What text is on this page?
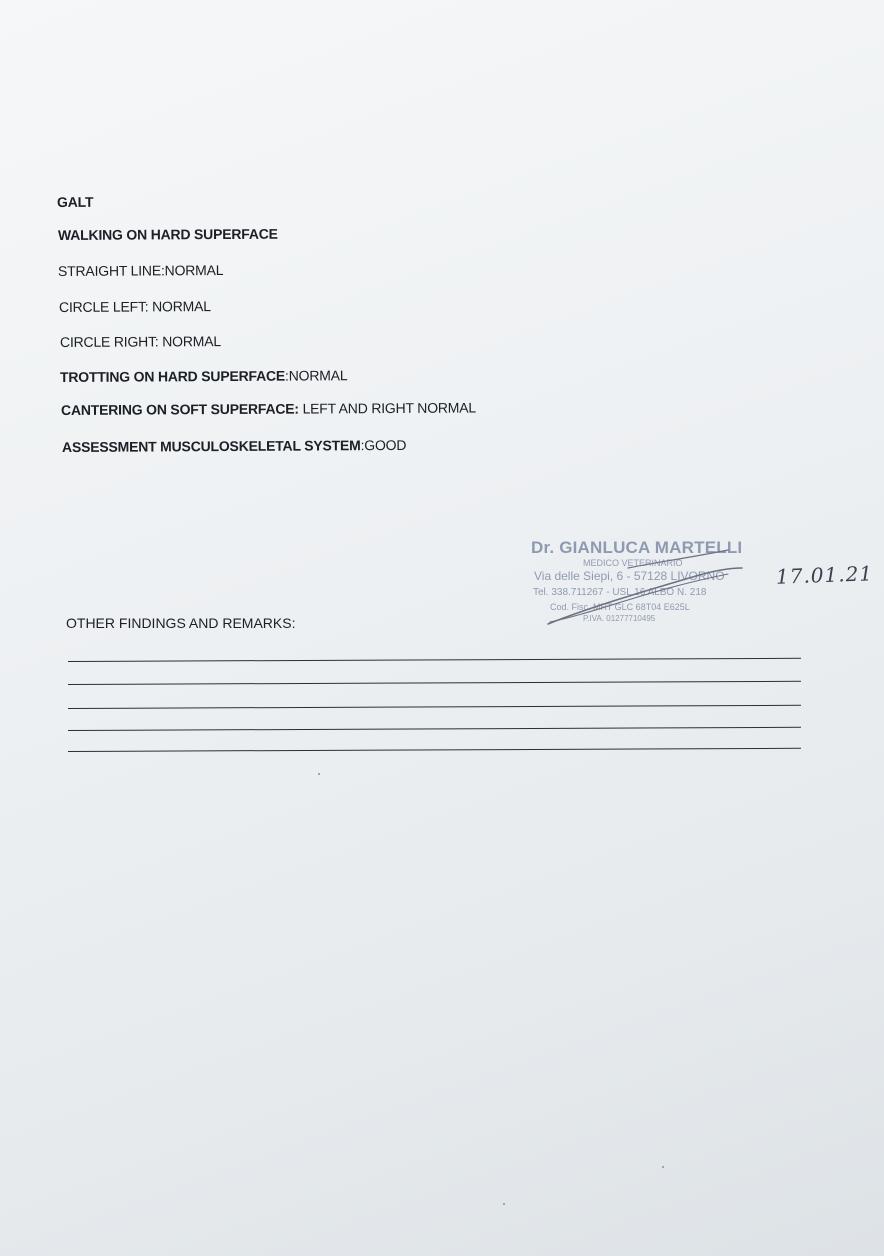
GALT
WALKING ON HARD SUPERFACE
STRAIGHT LINE:NORMAL
CIRCLE LEFT: NORMAL
CIRCLE RIGHT: NORMAL
TROTTING ON HARD SUPERFACE:NORMAL
CANTERING ON SOFT SUPERFACE: LEFT AND RIGHT NORMAL
ASSESSMENT MUSCULOSKELETAL SYSTEM:GOOD
Dr. GIANLUCA MARTELLI
MEDICO VETERINARIO
Via delle Siepi, 6 - 57128 LIVORNO
Tel. 338.711267 - USL 16 ALBO N. 218
Cod. Fisc. MRT GLC 68T04 E625L
P.IVA. 01277710495
17.01.21
OTHER FINDINGS AND REMARKS:
